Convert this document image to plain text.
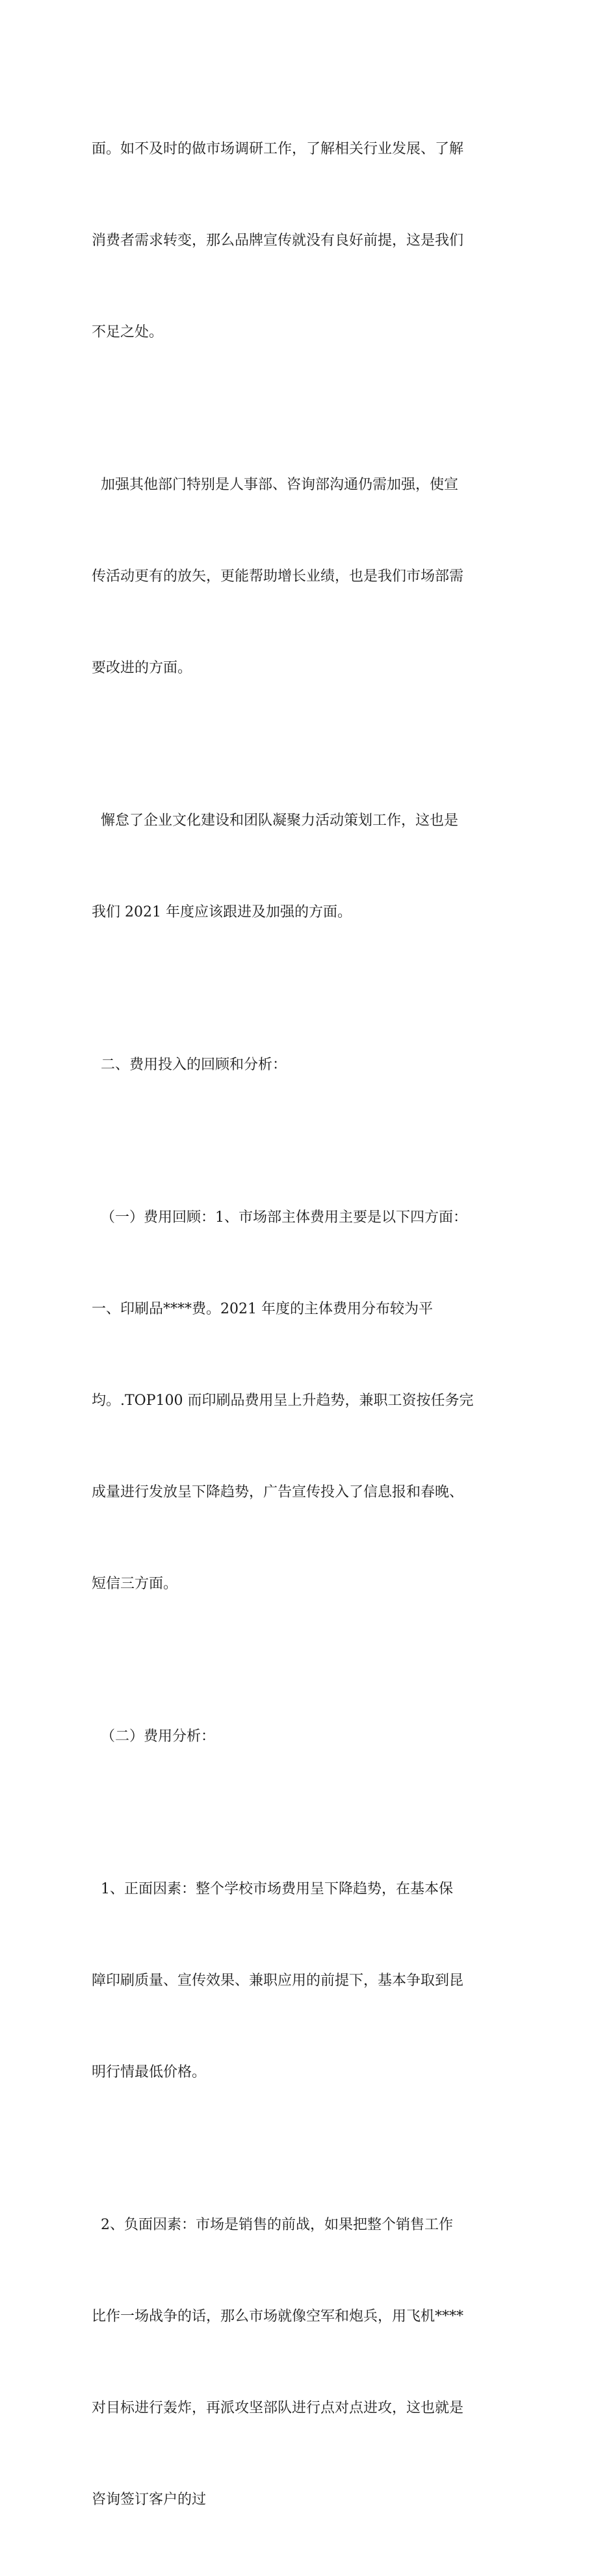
面。如不及时的做市场调研工作，了解相关行业发展、了解

消费者需求转变，那么品牌宣传就没有良好前提，这是我们

不足之处。

加强其他部门特别是人事部、咨询部沟通仍需加强，使宣

传活动更有的放矢，更能帮助增长业绩，也是我们市场部需

要改进的方面。

懈怠了企业文化建设和团队凝聚力活动策划工作，这也是

我们 2021 年度应该跟进及加强的方面。

二、费用投入的回顾和分析：

（一）费用回顾：1、市场部主体费用主要是以下四方面：

一、印刷品****费。2021 年度的主体费用分布较为平

均。.TOP100 而印刷品费用呈上升趋势，兼职工资按任务完

成量进行发放呈下降趋势，广告宣传投入了信息报和春晚、

短信三方面。

（二）费用分析：

1、正面因素：整个学校市场费用呈下降趋势，在基本保

障印刷质量、宣传效果、兼职应用的前提下，基本争取到昆

明行情最低价格。

2、负面因素：市场是销售的前战，如果把整个销售工作

比作一场战争的话，那么市场就像空军和炮兵，用飞机****

对目标进行轰炸，再派攻坚部队进行点对点进攻，这也就是

咨询签订客户的过
